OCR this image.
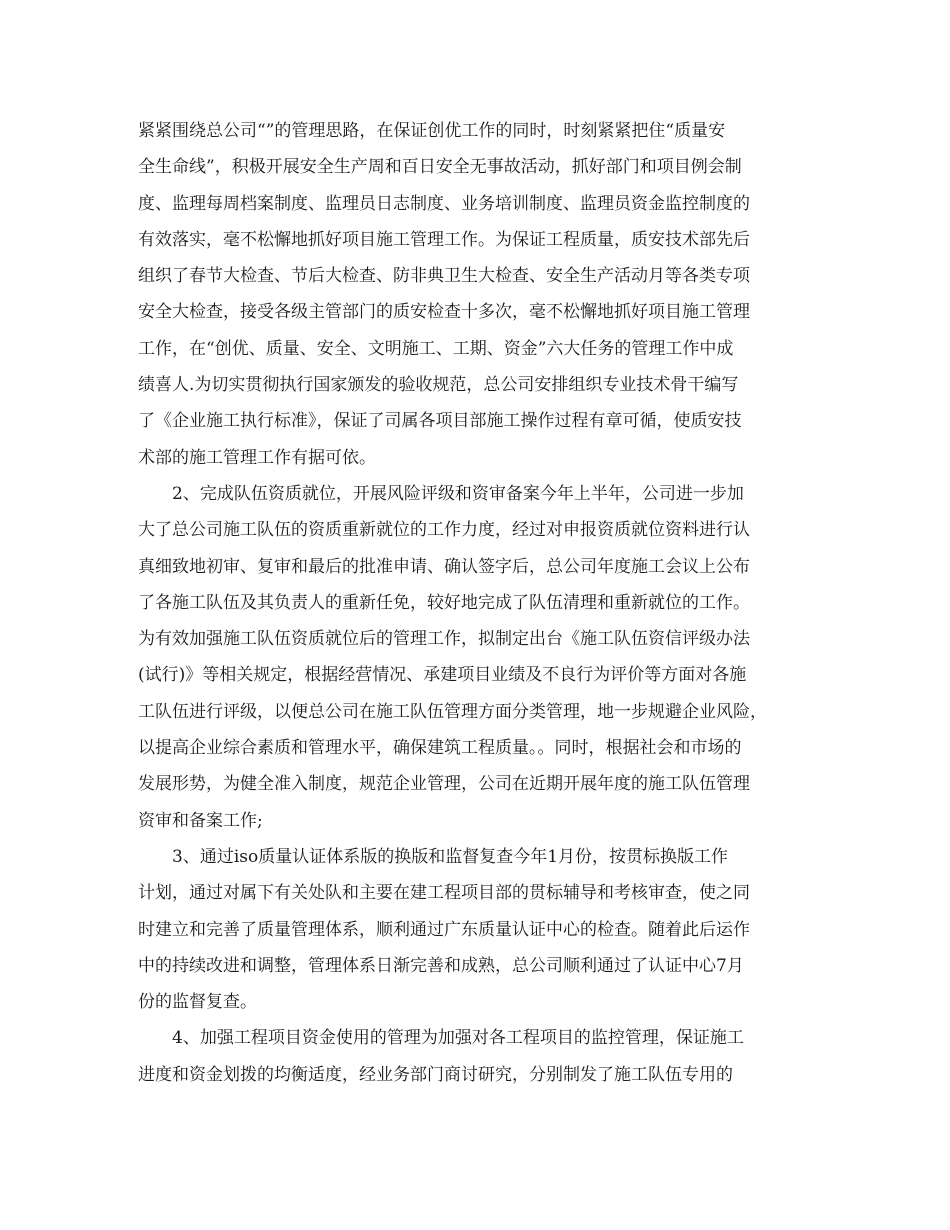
紧紧围绕总公司“”的管理思路，在保证创优工作的同时，时刻紧紧把住“质量安
全生命线”，积极开展安全生产周和百日安全无事故活动，抓好部门和项目例会制
度、监理每周档案制度、监理员日志制度、业务培训制度、监理员资金监控制度的
有效落实，毫不松懈地抓好项目施工管理工作。为保证工程质量，质安技术部先后
组织了春节大检查、节后大检查、防非典卫生大检查、安全生产活动月等各类专项
安全大检查，接受各级主管部门的质安检查十多次，毫不松懈地抓好项目施工管理
工作，在“创优、质量、安全、文明施工、工期、资金”六大任务的管理工作中成
绩喜人.为切实贯彻执行国家颁发的验收规范，总公司安排组织专业技术骨干编写
了《企业施工执行标准》，保证了司属各项目部施工操作过程有章可循，使质安技
术部的施工管理工作有据可依。
　　2、完成队伍资质就位，开展风险评级和资审备案今年上半年，公司进一步加
大了总公司施工队伍的资质重新就位的工作力度，经过对申报资质就位资料进行认
真细致地初审、复审和最后的批准申请、确认签字后，总公司年度施工会议上公布
了各施工队伍及其负责人的重新任免，较好地完成了队伍清理和重新就位的工作。
为有效加强施工队伍资质就位后的管理工作，拟制定出台《施工队伍资信评级办法
(试行)》等相关规定，根据经营情况、承建项目业绩及不良行为评价等方面对各施
工队伍进行评级，以便总公司在施工队伍管理方面分类管理，地一步规避企业风险，
以提高企业综合素质和管理水平，确保建筑工程质量。。同时，根据社会和市场的
发展形势，为健全准入制度，规范企业管理，公司在近期开展年度的施工队伍管理
资审和备案工作;
　　3、通过iso质量认证体系版的换版和监督复查今年1月份，按贯标换版工作
计划，通过对属下有关处队和主要在建工程项目部的贯标辅导和考核审查，使之同
时建立和完善了质量管理体系，顺利通过广东质量认证中心的检查。随着此后运作
中的持续改进和调整，管理体系日渐完善和成熟，总公司顺利通过了认证中心7月
份的监督复查。
　　4、加强工程项目资金使用的管理为加强对各工程项目的监控管理，保证施工
进度和资金划拨的均衡适度，经业务部门商讨研究，分别制发了施工队伍专用的
